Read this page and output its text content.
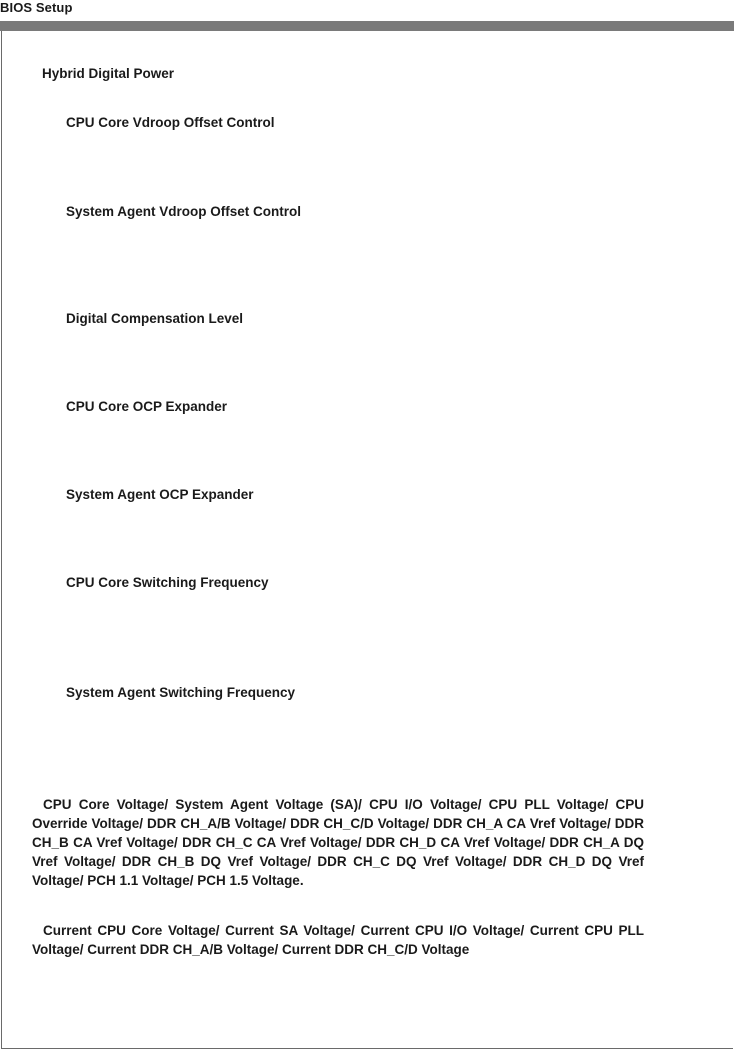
BIOS Setup
Hybrid Digital Power
CPU Core Vdroop Offset Control
System Agent Vdroop Offset Control
Digital Compensation Level
CPU Core OCP Expander
System Agent OCP Expander
CPU Core Switching Frequency
System Agent Switching Frequency
CPU Core Voltage/ System Agent Voltage (SA)/ CPU I/O Voltage/ CPU PLL Voltage/ CPU Override Voltage/ DDR CH_A/B Voltage/ DDR CH_C/D Voltage/ DDR CH_A CA Vref Voltage/ DDR CH_B CA Vref Voltage/ DDR CH_C CA Vref Voltage/ DDR CH_D CA Vref Voltage/ DDR CH_A DQ Vref Voltage/ DDR CH_B DQ Vref Voltage/ DDR CH_C DQ Vref Voltage/ DDR CH_D DQ Vref Voltage/ PCH 1.1 Voltage/ PCH 1.5 Voltage.
Current CPU Core Voltage/ Current SA Voltage/ Current CPU I/O Voltage/ Current CPU PLL Voltage/ Current DDR CH_A/B Voltage/ Current DDR CH_C/D Voltage
